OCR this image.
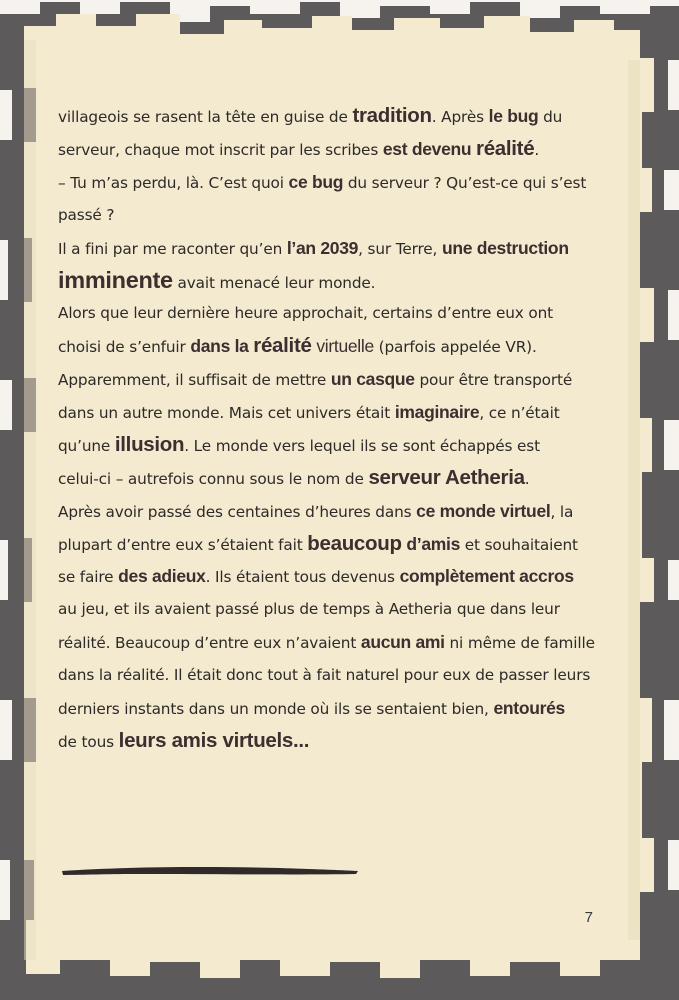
villageois se rasent la tête en guise de tradition. Après le bug du
serveur, chaque mot inscrit par les scribes est devenu réalité.
– Tu m’as perdu, là. C’est quoi ce bug du serveur ? Qu’est-ce qui s’est
passé ?
Il a fini par me raconter qu’en l’an 2039, sur Terre, une destruction
imminente avait menacé leur monde.
Alors que leur dernière heure approchait, certains d’entre eux ont
choisi de s’enfuir dans la réalité virtuelle (parfois appelée VR).
Apparemment, il suffisait de mettre un casque pour être transporté
dans un autre monde. Mais cet univers était imaginaire, ce n’était
qu’une illusion. Le monde vers lequel ils se sont échappés est
celui-ci – autrefois connu sous le nom de serveur Aetheria.
Après avoir passé des centaines d’heures dans ce monde virtuel, la
plupart d’entre eux s’étaient fait beaucoup d’amis et souhaitaient
se faire des adieux. Ils étaient tous devenus complètement accros
au jeu, et ils avaient passé plus de temps à Aetheria que dans leur
réalité. Beaucoup d’entre eux n’avaient aucun ami ni même de famille
dans la réalité. Il était donc tout à fait naturel pour eux de passer leurs
derniers instants dans un monde où ils se sentaient bien, entourés
de tous leurs amis virtuels...
7
